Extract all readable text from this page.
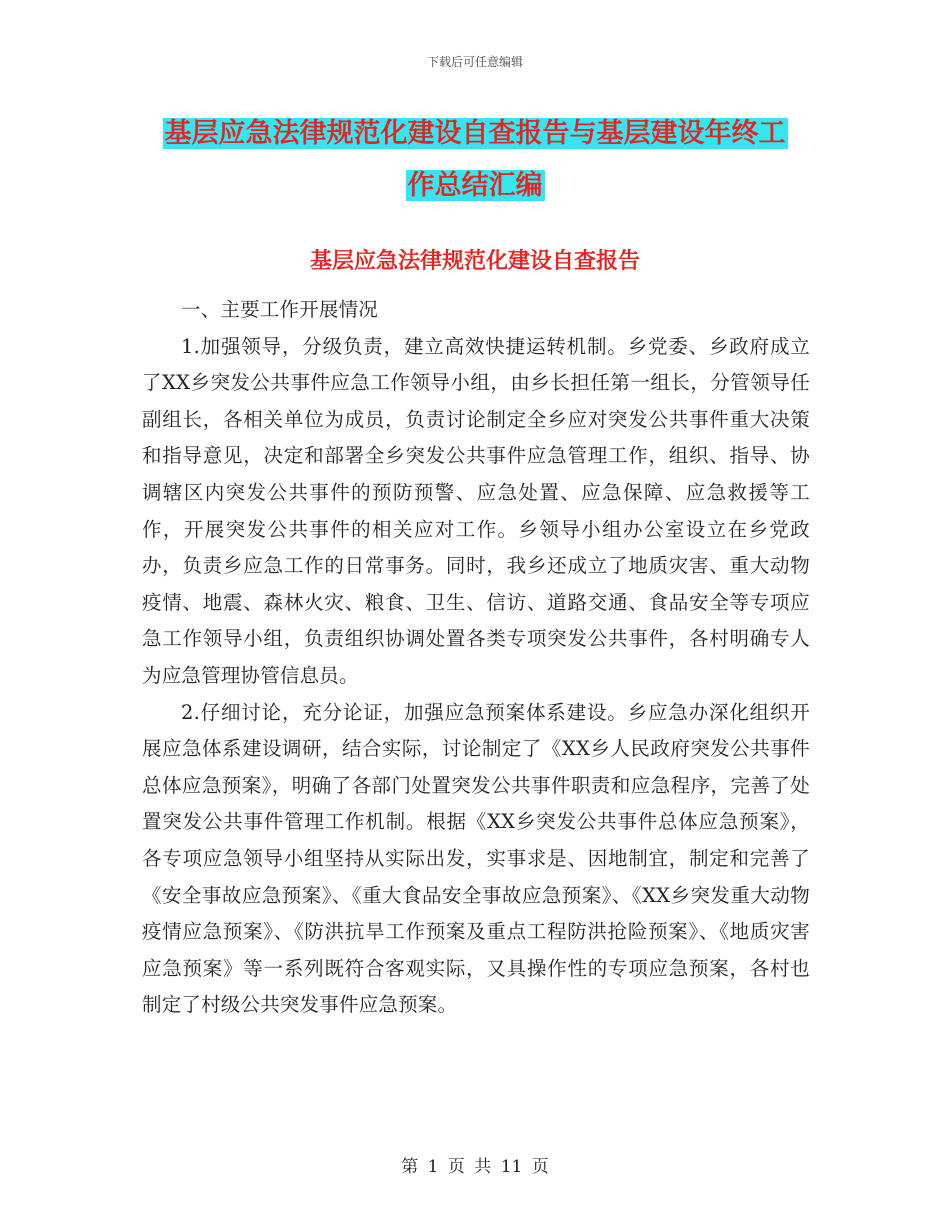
下载后可任意编辑
基层应急法律规范化建设自查报告与基层建设年终工
作总结汇编
基层应急法律规范化建设自查报告

一、主要工作开展情况

1.加强领导，分级负责，建立高效快捷运转机制。乡党委、乡政府成立了XX乡突发公共事件应急工作领导小组，由乡长担任第一组长，分管领导任副组长，各相关单位为成员，负责讨论制定全乡应对突发公共事件重大决策和指导意见，决定和部署全乡突发公共事件应急管理工作，组织、指导、协调辖区内突发公共事件的预防预警、应急处置、应急保障、应急救援等工作，开展突发公共事件的相关应对工作。乡领导小组办公室设立在乡党政办，负责乡应急工作的日常事务。同时，我乡还成立了地质灾害、重大动物疫情、地震、森林火灾、粮食、卫生、信访、道路交通、食品安全等专项应急工作领导小组，负责组织协调处置各类专项突发公共事件，各村明确专人为应急管理协管信息员。

2.仔细讨论，充分论证，加强应急预案体系建设。乡应急办深化组织开展应急体系建设调研，结合实际，讨论制定了《XX乡人民政府突发公共事件总体应急预案》，明确了各部门处置突发公共事件职责和应急程序，完善了处置突发公共事件管理工作机制。根据《XX乡突发公共事件总体应急预案》，各专项应急领导小组坚持从实际出发，实事求是、因地制宜，制定和完善了《安全事故应急预案》、《重大食品安全事故应急预案》、《XX乡突发重大动物疫情应急预案》、《防洪抗旱工作预案及重点工程防洪抢险预案》、《地质灾害应急预案》等一系列既符合客观实际，又具操作性的专项应急预案，各村也制定了村级公共突发事件应急预案。

第 1 页 共 11 页
